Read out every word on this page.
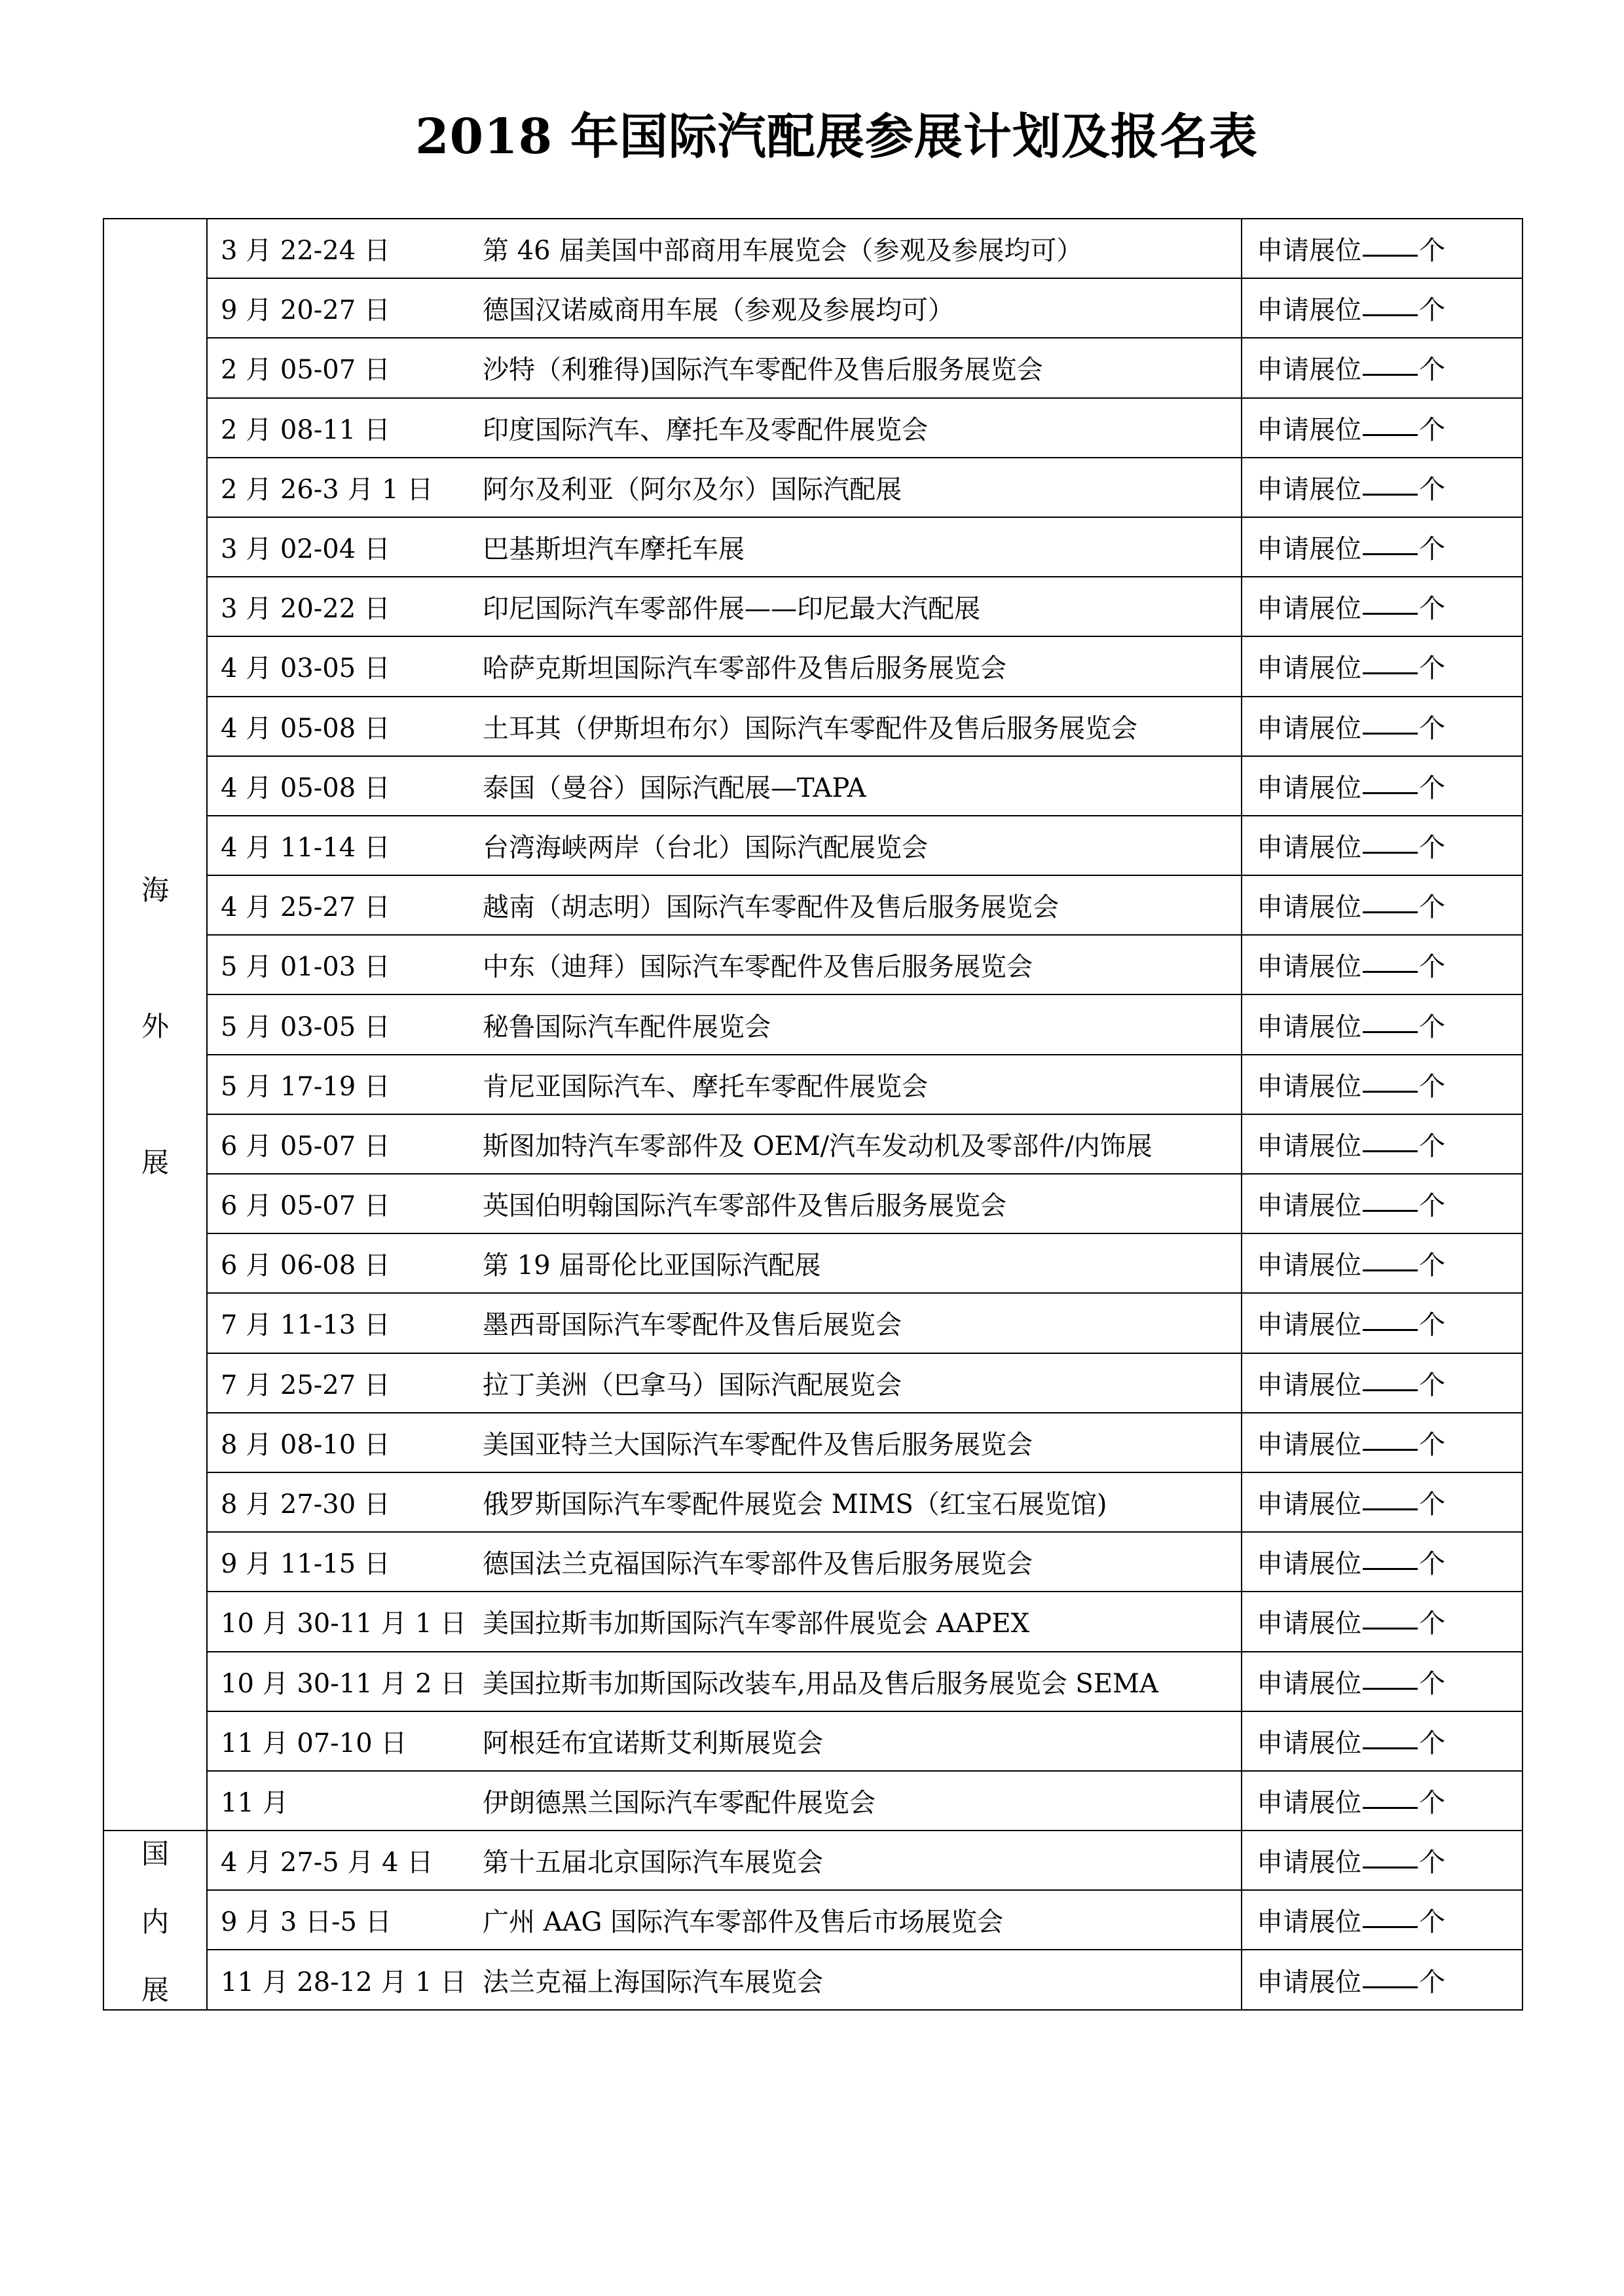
2018 年国际汽配展参展计划及报名表
海
外
展	3 月 22-24 日 第 46 届美国中部商用车展览会（参观及参展均可）	申请展位 个

	9 月 20-27 日 德国汉诺威商用车展（参观及参展均可）	申请展位 个

	2 月 05-07 日 沙特（利雅得)国际汽车零配件及售后服务展览会	申请展位 个

	2 月 08-11 日 印度国际汽车、摩托车及零配件展览会	申请展位 个

	2 月 26-3 月 1 日 阿尔及利亚（阿尔及尔）国际汽配展	申请展位 个

	3 月 02-04 日 巴基斯坦汽车摩托车展	申请展位 个

	3 月 20-22 日 印尼国际汽车零部件展——印尼最大汽配展	申请展位 个

	4 月 03-05 日 哈萨克斯坦国际汽车零部件及售后服务展览会	申请展位 个

	4 月 05-08 日 土耳其（伊斯坦布尔）国际汽车零配件及售后服务展览会	申请展位 个

	4 月 05-08 日 泰国（曼谷）国际汽配展—TAPA	申请展位 个

	4 月 11-14 日 台湾海峡两岸（台北）国际汽配展览会	申请展位 个

	4 月 25-27 日 越南（胡志明）国际汽车零配件及售后服务展览会	申请展位 个

	5 月 01-03 日 中东（迪拜）国际汽车零配件及售后服务展览会	申请展位 个

	5 月 03-05 日 秘鲁国际汽车配件展览会	申请展位 个

	5 月 17-19 日 肯尼亚国际汽车、摩托车零配件展览会	申请展位 个

	6 月 05-07 日 斯图加特汽车零部件及 OEM/汽车发动机及零部件/内饰展	申请展位 个

	6 月 05-07 日 英国伯明翰国际汽车零部件及售后服务展览会	申请展位 个

	6 月 06-08 日 第 19 届哥伦比亚国际汽配展	申请展位 个

	7 月 11-13 日 墨西哥国际汽车零配件及售后展览会	申请展位 个

	7 月 25-27 日 拉丁美洲（巴拿马）国际汽配展览会	申请展位 个

	8 月 08-10 日 美国亚特兰大国际汽车零配件及售后服务展览会	申请展位 个

	8 月 27-30 日 俄罗斯国际汽车零配件展览会 MIMS（红宝石展览馆)	申请展位 个

	9 月 11-15 日 德国法兰克福国际汽车零部件及售后服务展览会	申请展位 个

	10 月 30-11 月 1 日 美国拉斯韦加斯国际汽车零部件展览会 AAPEX	申请展位 个

	10 月 30-11 月 2 日 美国拉斯韦加斯国际改装车,用品及售后服务展览会 SEMA	申请展位 个

	11 月 07-10 日 阿根廷布宜诺斯艾利斯展览会	申请展位 个

	11 月 伊朗德黑兰国际汽车零配件展览会	申请展位 个

国
内
展	4 月 27-5 月 4 日 第十五届北京国际汽车展览会	申请展位 个

	9 月 3 日-5 日 广州 AAG 国际汽车零部件及售后市场展览会	申请展位 个

	11 月 28-12 月 1 日 法兰克福上海国际汽车展览会	申请展位 个
